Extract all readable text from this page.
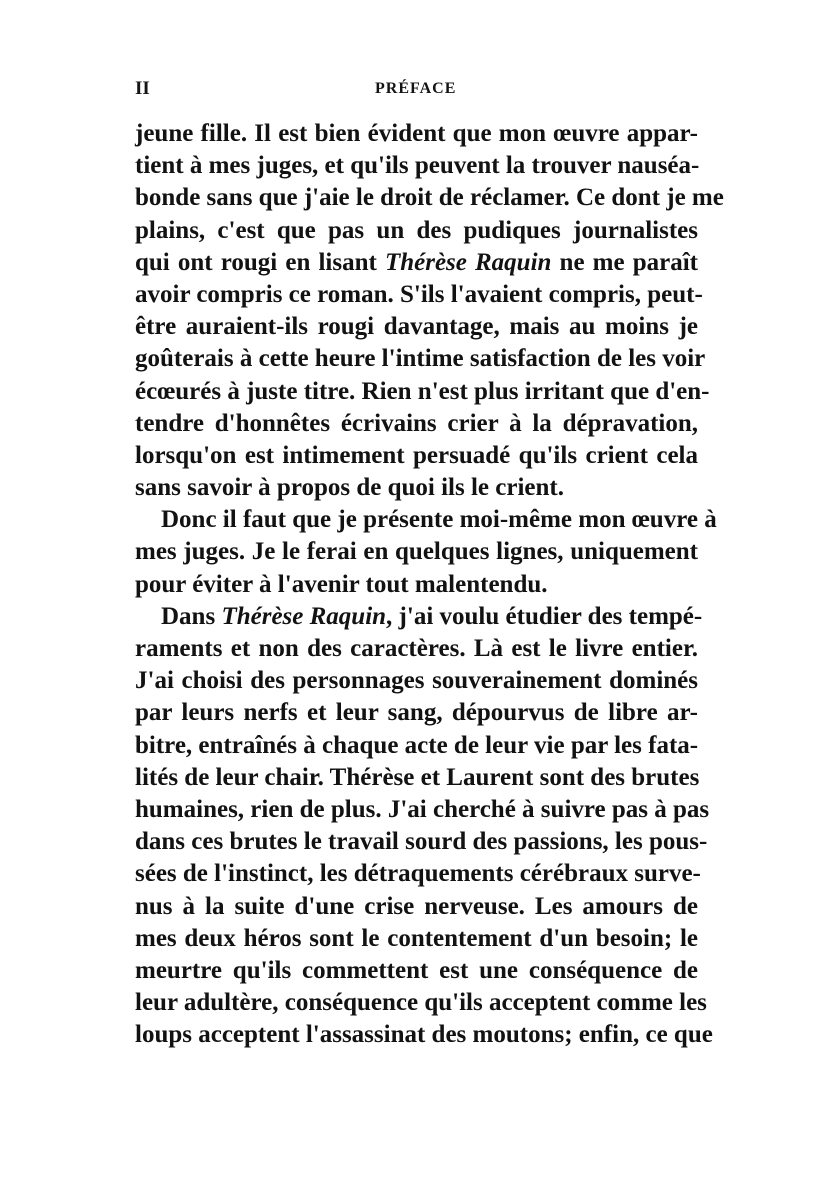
II	PRÉFACE
jeune fille. Il est bien évident que mon œuvre appar-
tient à mes juges, et qu'ils peuvent la trouver nauséa-
bonde sans que j'aie le droit de réclamer. Ce dont je me
plains, c'est que pas un des pudiques journalistes
qui ont rougi en lisant Thérèse Raquin ne me paraît
avoir compris ce roman. S'ils l'avaient compris, peut-
être auraient-ils rougi davantage, mais au moins je
goûterais à cette heure l'intime satisfaction de les voir
écœurés à juste titre. Rien n'est plus irritant que d'en-
tendre d'honnêtes écrivains crier à la dépravation,
lorsqu'on est intimement persuadé qu'ils crient cela
sans savoir à propos de quoi ils le crient.
Donc il faut que je présente moi-même mon œuvre à
mes juges. Je le ferai en quelques lignes, uniquement
pour éviter à l'avenir tout malentendu.
Dans Thérèse Raquin, j'ai voulu étudier des tempé-
raments et non des caractères. Là est le livre entier.
J'ai choisi des personnages souverainement dominés
par leurs nerfs et leur sang, dépourvus de libre ar-
bitre, entraînés à chaque acte de leur vie par les fata-
lités de leur chair. Thérèse et Laurent sont des brutes
humaines, rien de plus. J'ai cherché à suivre pas à pas
dans ces brutes le travail sourd des passions, les pous-
sées de l'instinct, les détraquements cérébraux surve-
nus à la suite d'une crise nerveuse. Les amours de
mes deux héros sont le contentement d'un besoin; le
meurtre qu'ils commettent est une conséquence de
leur adultère, conséquence qu'ils acceptent comme les
loups acceptent l'assassinat des moutons; enfin, ce que
